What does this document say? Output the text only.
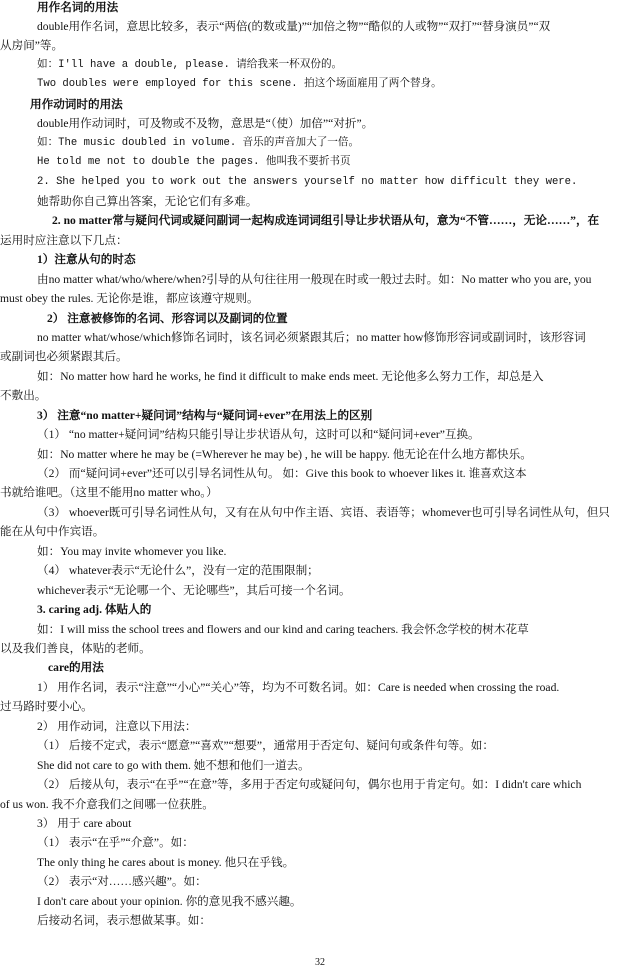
用作名词的用法
double用作名词，意思比较多，表示“两倍(的数或量)”“加倍之物”“酷似的人或物”“双打”“替身演员”“双
从房间”等。
如：I'll have a double, please. 请给我来一杯双份的。
Two doubles were employed for this scene. 拍这个场面雇用了两个替身。
用作动词时的用法
double用作动词时，可及物或不及物，意思是“（使）加倍”“对折”。
如：The music doubled in volume. 音乐的声音加大了一倍。
He told me not to double the pages. 他叫我不要折书页
2. She helped you to work out the answers yourself no matter how difficult they were.
她帮助你自己算出答案，无论它们有多难。
2. no matter常与疑问代词或疑问副词一起构成连词词组引导让步状语从句，意为“不管……，无论……”，在
运用时应注意以下几点：
1）注意从句的时态
由no matter what/who/where/when?引导的从句往往用一般现在时或一般过去时。如：No matter who you are, you
must obey the rules. 无论你是谁，都应该遵守规则。
2） 注意被修饰的名词、形容词以及副词的位置
no matter what/whose/which修饰名词时，该名词必须紧跟其后；no matter how修饰形容词或副词时，该形容词
或副词也必须紧跟其后。
如：No matter how hard he works, he find it difficult to make ends meet. 无论他多么努力工作，却总是入
不敷出。
3） 注意“no matter+疑问词”结构与“疑问词+ever”在用法上的区别
（1） “no matter+疑问词”结构只能引导让步状语从句，这时可以和“疑问词+ever”互换。
如：No matter where he may be (=Wherever he may be) , he will be happy. 他无论在什么地方都快乐。
（2） 而“疑问词+ever”还可以引导名词性从句。 如：Give this book to whoever likes it. 谁喜欢这本
书就给谁吧。（这里不能用no matter who。）
（3） whoever既可引导名词性从句，又有在从句中作主语、宾语、表语等；whomever也可引导名词性从句，但只
能在从句中作宾语。
如：You may invite whomever you like.
（4） whatever表示“无论什么”，没有一定的范围限制；
whichever表示“无论哪一个、无论哪些”，其后可接一个名词。
3. caring adj. 体贴人的
如：I will miss the school trees and flowers and our kind and caring teachers. 我会怀念学校的树木花草
以及我们善良，体贴的老师。
care的用法
1） 用作名词，表示“注意”“小心”“关心”等，均为不可数名词。如：Care is needed when crossing the road.
过马路时要小心。
2） 用作动词，注意以下用法：
（1） 后接不定式，表示“愿意”“喜欢”“想要”，通常用于否定句、疑问句或条件句等。如：
She did not care to go with them. 她不想和他们一道去。
（2） 后接从句，表示“在乎”“在意”等，多用于否定句或疑问句，偶尔也用于肯定句。如：I didn't care which
of us won. 我不介意我们之间哪一位获胜。
3） 用于 care about
（1） 表示“在乎”“介意”。如：
The only thing he cares about is money. 他只在乎钱。
（2） 表示“对……感兴趣”。如：
I don't care about your opinion. 你的意见我不感兴趣。
后接动名词，表示想做某事。如：
32
